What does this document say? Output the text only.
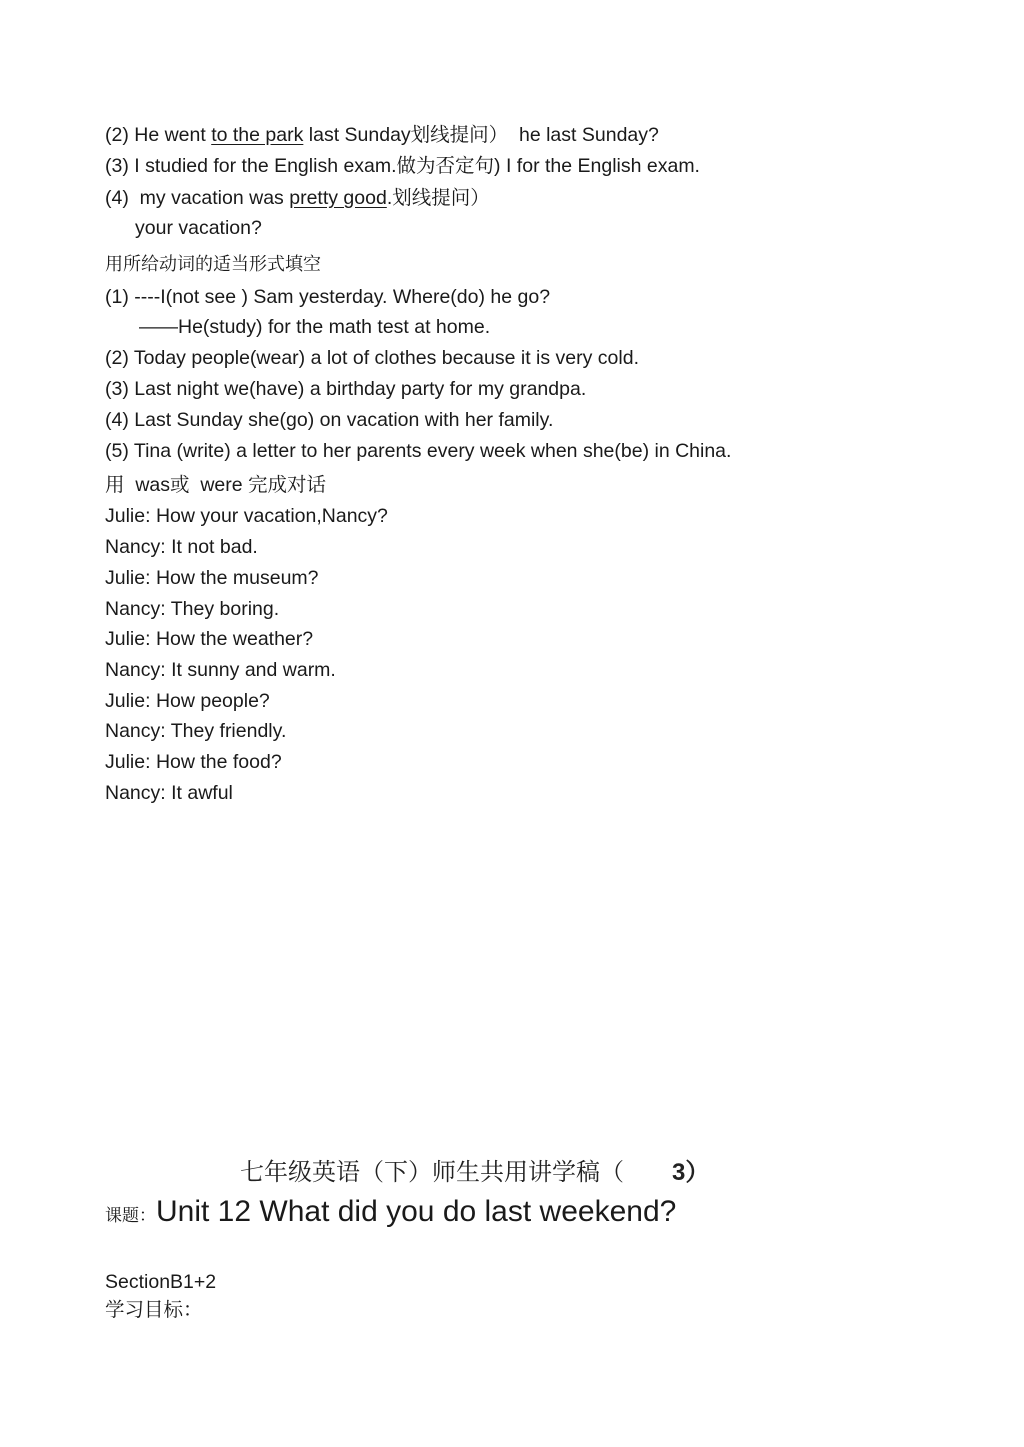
(2) He went to the park last Sunday划线提问）  he last Sunday?
(3) I studied for the English exam.做为否定句) I for the English exam.
(4)  my vacation was pretty good.划线提问）
your vacation?
用所给动词的适当形式填空
(1) ----I(not see ) Sam yesterday. Where(do) he go?
——He(study) for the math test at home.
(2) Today people(wear) a lot of clothes because it is very cold.
(3) Last night we(have) a birthday party for my grandpa.
(4) Last Sunday she(go) on vacation with her family.
(5) Tina (write) a letter to her parents every week when she(be) in China.
用  was或  were 完成对话
Julie: How your vacation,Nancy?
Nancy: It not bad.
Julie: How the museum?
Nancy: They boring.
Julie: How the weather?
Nancy: It sunny and warm.
Julie: How people?
Nancy: They friendly.
Julie: How the food?
Nancy: It awful
七年级英语（下）师生共用讲学稿（ 3）
课题：Unit 12 What did you do last weekend?
SectionB1+2
学习目标：
